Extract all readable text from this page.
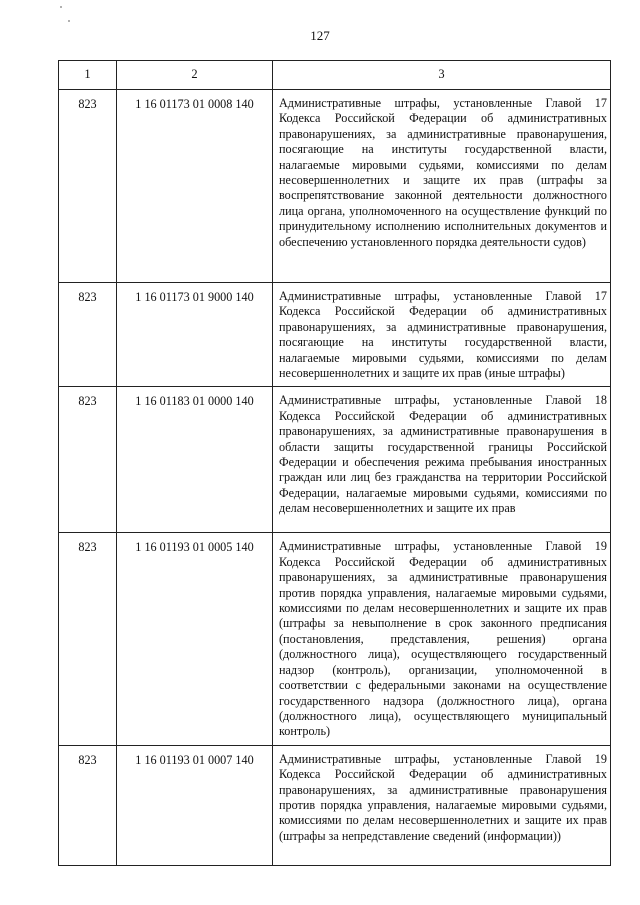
127
1	2	3
823	1 16 01173 01 0008 140	Административные штрафы, установленные Главой 17 Кодекса Российской Федерации об административных правонарушениях, за административные правонарушения, посягающие на институты государственной власти, налагаемые мировыми судьями, комиссиями по делам несовершеннолетних и защите их прав (штрафы за воспрепятствование законной деятельности должностного лица органа, уполномоченного на осуществление функций по принудительному исполнению исполнительных документов и обеспечению установленного порядка деятельности судов)
823	1 16 01173 01 9000 140	Административные штрафы, установленные Главой 17 Кодекса Российской Федерации об административных правонарушениях, за административные правонарушения, посягающие на институты государственной власти, налагаемые мировыми судьями, комиссиями по делам несовершеннолетних и защите их прав (иные штрафы)
823	1 16 01183 01 0000 140	Административные штрафы, установленные Главой 18 Кодекса Российской Федерации об административных правонарушениях, за административные правонарушения в области защиты государственной границы Российской Федерации и обеспечения режима пребывания иностранных граждан или лиц без гражданства на территории Российской Федерации, налагаемые мировыми судьями, комиссиями по делам несовершеннолетних и защите их прав
823	1 16 01193 01 0005 140	Административные штрафы, установленные Главой 19 Кодекса Российской Федерации об административных правонарушениях, за административные правонарушения против порядка управления, налагаемые мировыми судьями, комиссиями по делам несовершеннолетних и защите их прав (штрафы за невыполнение в срок законного предписания (постановления, представления, решения) органа (должностного лица), осуществляющего государственный надзор (контроль), организации, уполномоченной в соответствии с федеральными законами на осуществление государственного надзора (должностного лица), органа (должностного лица), осуществляющего муниципальный контроль)
823	1 16 01193 01 0007 140	Административные штрафы, установленные Главой 19 Кодекса Российской Федерации об административных правонарушениях, за административные правонарушения против порядка управления, налагаемые мировыми судьями, комиссиями по делам несовершеннолетних и защите их прав (штрафы за непредставление сведений (информации))
